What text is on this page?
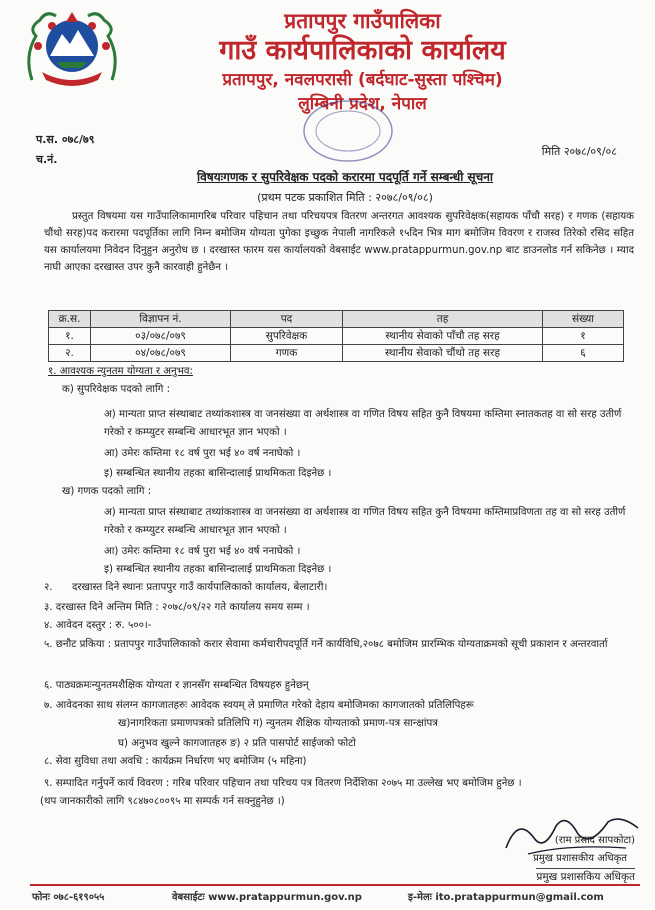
प्रतापपुर गाउँपालिका
गाउँ कार्यपालिकाको कार्यालय
प्रतापपुर, नवलपरासी (बर्दघाट-सुस्ता पश्चिम)
लुम्बिनी प्रदेश, नेपाल
प.स. ०७८/७९
च.नं.
मिति २०७८/०९/०८
विषयःगणक र सुपरिवेक्षक पदको करारमा पदपूर्ति गर्ने सम्बन्धी सूचना
(प्रथम पटक प्रकाशित मिति : २०७८/०९/०८)
प्रस्तुत विषयमा यस गाउँपालिकामागरिब परिवार पहिचान तथा परिचयपत्र वितरण अन्तरगत आवश्यक सुपरिवेक्षक(सहायक पाँचौ सरह) र गणक (सहायक चौंथो सरह)पद करारमा पदपूर्तिका लागि निम्न बमोजिम योग्यता पुगेका इच्छुक नेपाली नागरिकले १५दिन भित्र माग बमोजिम विवरण र राजस्व तिरेको रसिद सहित यस कार्यालयमा निवेदन दिनुहुन अनुरोध छ । दरखास्त फारम यस कार्यालयको वेबसाईट www.pratappurmun.gov.np बाट डाउनलोड गर्न सकिनेछ । म्याद नाघी आएका दरखास्त उपर कुनै कारवाही हुनेछैन ।
क्र.स.	विज्ञापन नं.	पद	तह	संख्या
१.	०३/०७८/०७९	सुपरिवेक्षक	स्थानीय सेवाको पाँचौ तह सरह	१
२.	०४/०७८/०७९	गणक	स्थानीय सेवाको चौंथो तह सरह	६
१. आवश्यक न्युनतम योग्यता र अनुभव:
क) सुपरिवेक्षक पदको लागि :
अ) मान्यता प्राप्त संस्थाबाट तथ्यांकशास्त्र वा जनसंख्या वा अर्थशास्त्र वा गणित विषय सहित कुनै विषयमा कम्तिमा स्नातकतह वा सो सरह उतीर्ण गरेको र कम्प्युटर सम्बन्धि आधारभूत ज्ञान भएको ।
आ) उमेरः कम्तिमा १८ वर्ष पुरा भई ४० वर्ष ननाघेको ।
इ) सम्बन्धित स्थानीय तहका बासिन्दालाई प्राथमिकता दिइनेछ ।
ख) गणक पदको लागि :
अ) मान्यता प्राप्त संस्थाबाट तथ्यांकशास्त्र वा जनसंख्या वा अर्थशास्त्र वा गणित विषय सहित कुनै विषयमा कम्तिमाप्रविणता तह वा सो सरह उतीर्ण गरेको र कम्प्युटर सम्बन्धि आधारभूत ज्ञान भएको ।
आ) उमेरः कम्तिमा १८ वर्ष पुरा भई ४० वर्ष ननाघेको ।
इ) सम्बन्धित स्थानीय तहका बासिन्दालाई प्राथमिकता दिइनेछ ।
२.      दरखास्त दिने स्थानः प्रतापपुर गाउँ कार्यपालिकाको कार्यालय, बेलाटारी।
३. दरखास्त दिने अन्तिम मिति : २०७८/०९/२२ गते कार्यालय समय सम्म ।
४. आवेदन दस्तुर : रु. ५००।-
५. छनौट प्रकिया : प्रतापपुर गाउँपालिकाको करार सेवामा कर्मचारीपदपूर्ति गर्ने कार्यविधि,२०७८ बमोजिम प्रारम्भिक योग्यताक्रमको सूची प्रकाशन र अन्तरवार्ता
६. पाठ्यक्रमःन्युनतमशैक्षिक योग्यता र ज्ञानसँग सम्बन्धित विषयहरु हुनेछन्
७. आवेदनका साथ संलग्न कागजातहरुः आवेदक स्वयम् ले प्रमाणित गरेको देहाय बमोजिमका कागजातको प्रतिलिपिहरू
ख)नागरिकता प्रमाणपत्रको प्रतिलिपि ग) न्युनतम शैक्षिक योग्यताको प्रमाण-पत्र सान्क्षांपत्र
घ) अनुभव खुल्ने कागजातहरु ङ) २ प्रति पासपोर्ट साईजको फोटो
८. सेवा सुविधा तथा अवधि : कार्यक्रम निर्धारण भए बमोजिम (५ महिना)
९. सम्पादित गर्नुपर्ने कार्य विवरण : गरिब परिवार पहिचान तथा परिचय पत्र वितरण निर्देशिका २०७५ मा उल्लेख भए बमोजिम हुनेछ ।
(थप जानकारीको लागि ९८४७०८००९५ मा सम्पर्क गर्न सक्नुहुनेछ ।)
(राम प्रसाद सापकोटा)
प्रमुख प्रशासकीय अधिकृत
प्रमुख प्रशासकिय अधिकृत
फोनः ०७८-६१९०५५	वेबसाईटः www.pratappurmun.gov.np	इ-मेलः ito.pratappurmun@gmail.com
